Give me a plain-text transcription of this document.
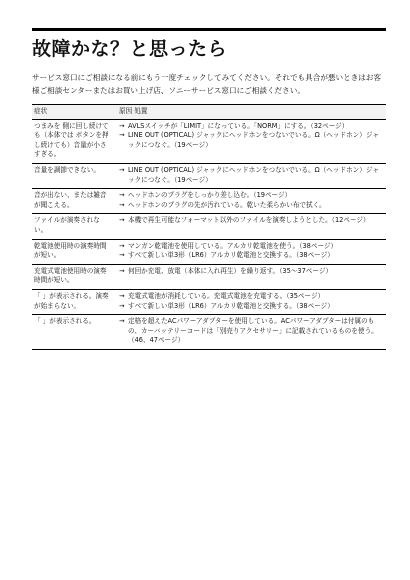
故障かな？と思ったら

サービス窓口にご相談になる前にもう一度チェックしてみてください。それでも具合が悪いときはお客様ご相談センターまたはお買い上げ店、ソニーサービス窓口にご相談ください。

症状	原因 処置
つまみを 側に回し続けても（本体では ボタンを押し続けても）音量が小さすぎる。	→ AVLSスイッチが「LIMIT」になっている。「NORM」にする。（32ページ）
→ LINE OUT (OPTICAL) ジャックにヘッドホンをつないでいる。Ω（ヘッドホン）ジャックにつなぐ。（19ページ）

音量を調節できない。	→ LINE OUT (OPTICAL) ジャックにヘッドホンをつないでいる。Ω（ヘッドホン）ジャックにつなぐ。（19ページ）

音が出ない、または雑音が聞こえる。	→ ヘッドホンのプラグをしっかり差し込む。（19ページ）
→ ヘッドホンのプラグの先が汚れている。乾いた柔らかい布で拭く。

ファイルが演奏されない。	→ 本機で再生可能なフォーマット以外のファイルを演奏しようとした。（12ページ）

乾電池使用時の演奏時間が短い。	→ マンガン乾電池を使用している。アルカリ乾電池を使う。（38ページ）
→ すべて新しい単3形（LR6）アルカリ乾電池と交換する。（38ページ）

充電式電池使用時の演奏時間が短い。	→ 何回か充電、放電（本体に入れ再生）を繰り返す。（35〜37ページ）

「 」が表示される。演奏が始まらない。	→ 充電式電池が消耗している。充電式電池を充電する。（35ページ）
→ すべて新しい単3形（LR6）アルカリ乾電池と交換する。（38ページ）

「 」が表示される。	→ 定格を超えたACパワーアダプターを使用している。ACパワーアダプターは付属のもの、カーバッテリーコードは「別売りアクセサリー」に記載されているものを使う。（46、47ページ）
